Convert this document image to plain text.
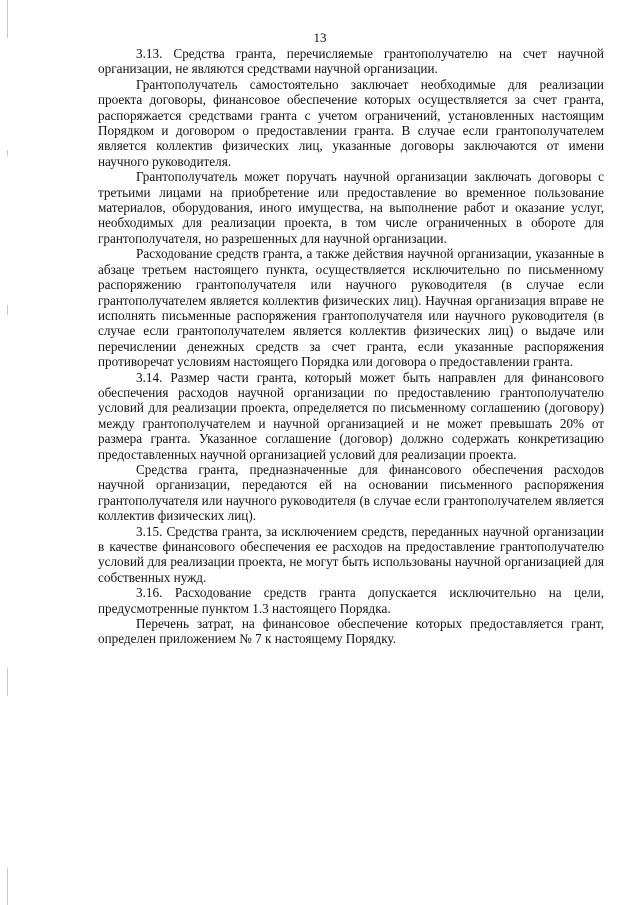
13

3.13. Средства гранта, перечисляемые грантополучателю на счет научной организации, не являются средствами научной организации.

Грантополучатель самостоятельно заключает необходимые для реализации проекта договоры, финансовое обеспечение которых осуществляется за счет гранта, распоряжается средствами гранта с учетом ограничений, установленных настоящим Порядком и договором о предоставлении гранта. В случае если грантополучателем является коллектив физических лиц, указанные договоры заключаются от имени научного руководителя.

Грантополучатель может поручать научной организации заключать договоры с третьими лицами на приобретение или предоставление во временное пользование материалов, оборудования, иного имущества, на выполнение работ и оказание услуг, необходимых для реализации проекта, в том числе ограниченных в обороте для грантополучателя, но разрешенных для научной организации.

Расходование средств гранта, а также действия научной организации, указанные в абзаце третьем настоящего пункта, осуществляется исключительно по письменному распоряжению грантополучателя или научного руководителя (в случае если грантополучателем является коллектив физических лиц). Научная организация вправе не исполнять письменные распоряжения грантополучателя или научного руководителя (в случае если грантополучателем является коллектив физических лиц) о выдаче или перечислении денежных средств за счет гранта, если указанные распоряжения противоречат условиям настоящего Порядка или договора о предоставлении гранта.

3.14. Размер части гранта, который может быть направлен для финансового обеспечения расходов научной организации по предоставлению грантополучателю условий для реализации проекта, определяется по письменному соглашению (договору) между грантополучателем и научной организацией и не может превышать 20% от размера гранта. Указанное соглашение (договор) должно содержать конкретизацию предоставленных научной организацией условий для реализации проекта.

Средства гранта, предназначенные для финансового обеспечения расходов научной организации, передаются ей на основании письменного распоряжения грантополучателя или научного руководителя (в случае если грантополучателем является коллектив физических лиц).

3.15. Средства гранта, за исключением средств, переданных научной организации в качестве финансового обеспечения ее расходов на предоставление грантополучателю условий для реализации проекта, не могут быть использованы научной организацией для собственных нужд.

3.16. Расходование средств гранта допускается исключительно на цели, предусмотренные пунктом 1.3 настоящего Порядка.

Перечень затрат, на финансовое обеспечение которых предоставляется грант, определен приложением № 7 к настоящему Порядку.
